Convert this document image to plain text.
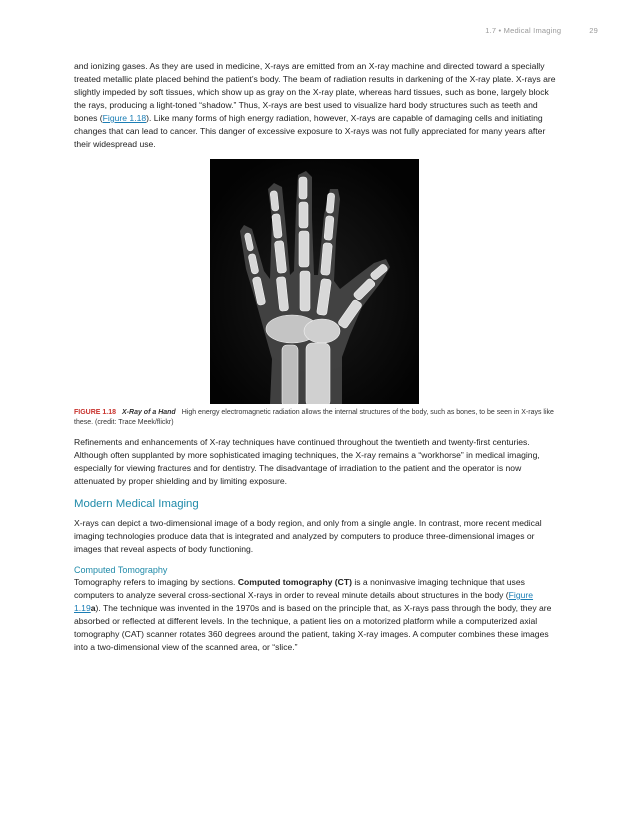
1.7 • Medical Imaging	29

and ionizing gases. As they are used in medicine, X-rays are emitted from an X-ray machine and directed toward a specially treated metallic plate placed behind the patient’s body. The beam of radiation results in darkening of the X-ray plate. X-rays are slightly impeded by soft tissues, which show up as gray on the X-ray plate, whereas hard tissues, such as bone, largely block the rays, producing a light-toned “shadow.” Thus, X-rays are best used to visualize hard body structures such as teeth and bones (Figure 1.18). Like many forms of high energy radiation, however, X-rays are capable of damaging cells and initiating changes that can lead to cancer. This danger of excessive exposure to X-rays was not fully appreciated for many years after their widespread use.

FIGURE 1.18 X-Ray of a Hand High energy electromagnetic radiation allows the internal structures of the body, such as bones, to be seen in X-rays like these. (credit: Trace Meek/flickr)

Refinements and enhancements of X-ray techniques have continued throughout the twentieth and twenty-first centuries. Although often supplanted by more sophisticated imaging techniques, the X-ray remains a “workhorse” in medical imaging, especially for viewing fractures and for dentistry. The disadvantage of irradiation to the patient and the operator is now attenuated by proper shielding and by limiting exposure.

Modern Medical Imaging

X-rays can depict a two-dimensional image of a body region, and only from a single angle. In contrast, more recent medical imaging technologies produce data that is integrated and analyzed by computers to produce three-dimensional images or images that reveal aspects of body functioning.

Computed Tomography

Tomography refers to imaging by sections. Computed tomography (CT) is a noninvasive imaging technique that uses computers to analyze several cross-sectional X-rays in order to reveal minute details about structures in the body (Figure 1.19a). The technique was invented in the 1970s and is based on the principle that, as X-rays pass through the body, they are absorbed or reflected at different levels. In the technique, a patient lies on a motorized platform while a computerized axial tomography (CAT) scanner rotates 360 degrees around the patient, taking X-ray images. A computer combines these images into a two-dimensional view of the scanned area, or “slice.”
